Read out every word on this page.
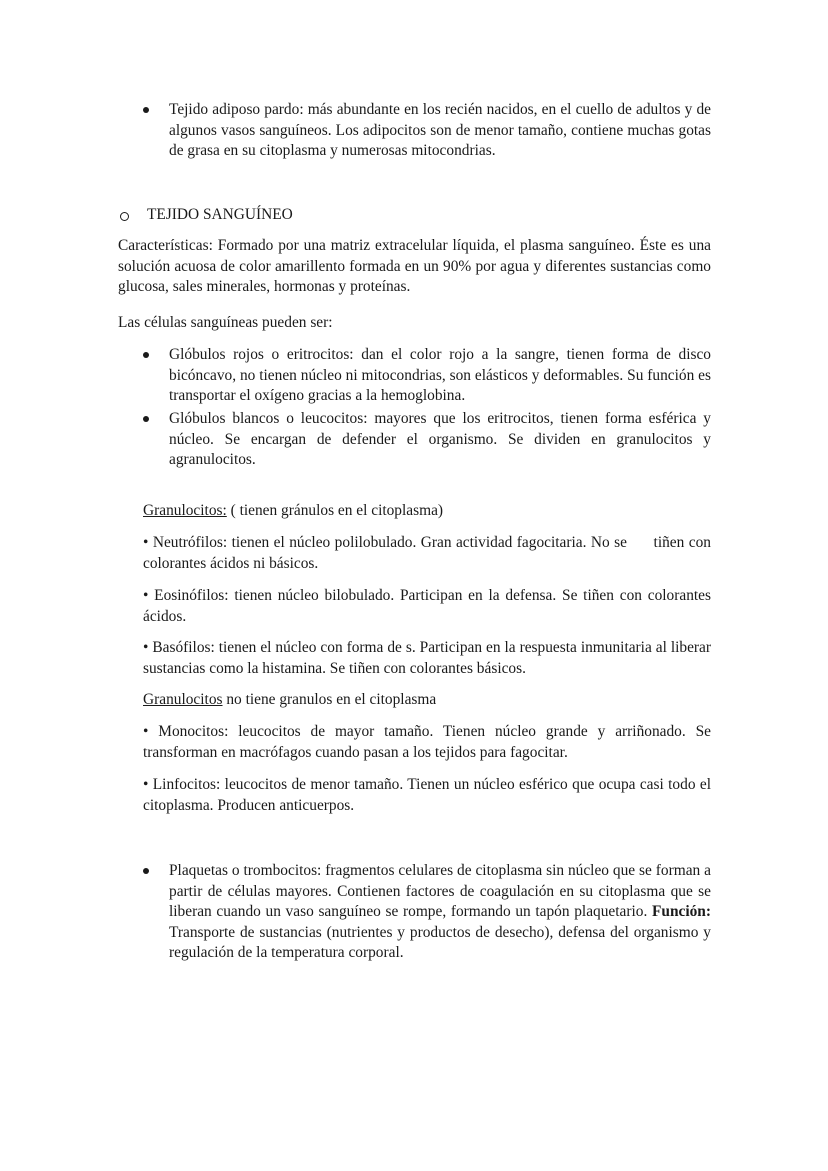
Tejido adiposo pardo: más abundante en los recién nacidos, en el cuello de adultos y de algunos vasos sanguíneos. Los adipocitos son de menor tamaño, contiene muchas gotas de grasa en su citoplasma y numerosas mitocondrias.
TEJIDO SANGUÍNEO
Características: Formado por una matriz extracelular líquida, el plasma sanguíneo. Éste es una solución acuosa de color amarillento formada en un 90% por agua y diferentes sustancias como glucosa, sales minerales, hormonas y proteínas.
Las células sanguíneas pueden ser:
Glóbulos rojos o eritrocitos: dan el color rojo a la sangre, tienen forma de disco bicóncavo, no tienen núcleo ni mitocondrias, son elásticos y deformables. Su función es transportar el oxígeno gracias a la hemoglobina.
Glóbulos blancos o leucocitos: mayores que los eritrocitos, tienen forma esférica y núcleo. Se encargan de defender el organismo. Se dividen en granulocitos y agranulocitos.
Granulocitos: ( tienen gránulos en el citoplasma)
• Neutrófilos: tienen el núcleo polilobulado. Gran actividad fagocitaria. No se      tiñen con colorantes ácidos ni básicos.
• Eosinófilos: tienen núcleo bilobulado. Participan en la defensa. Se tiñen con colorantes ácidos.
• Basófilos: tienen el núcleo con forma de s. Participan en la respuesta inmunitaria al liberar sustancias como la histamina. Se tiñen con colorantes básicos.
Granulocitos no tiene granulos en el citoplasma
• Monocitos: leucocitos de mayor tamaño. Tienen núcleo grande y arriñonado. Se transforman en macrófagos cuando pasan a los tejidos para fagocitar.
• Linfocitos: leucocitos de menor tamaño. Tienen un núcleo esférico que ocupa casi todo el citoplasma. Producen anticuerpos.
Plaquetas o trombocitos: fragmentos celulares de citoplasma sin núcleo que se forman a partir de células mayores. Contienen factores de coagulación en su citoplasma que se liberan cuando un vaso sanguíneo se rompe, formando un tapón plaquetario. Función: Transporte de sustancias (nutrientes y productos de desecho), defensa del organismo y regulación de la temperatura corporal.
